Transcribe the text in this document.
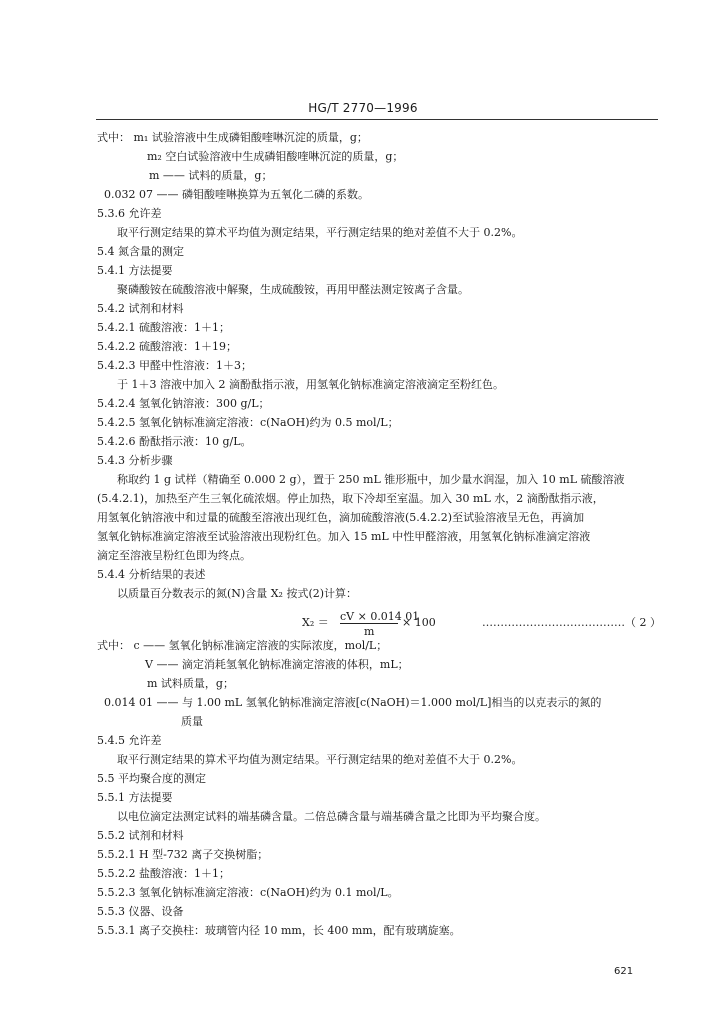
HG/T 2770—1996
式中： m₁ 试验溶液中生成磷钼酸喹啉沉淀的质量，g；
m₂ 空白试验溶液中生成磷钼酸喹啉沉淀的质量，g；
m —— 试料的质量，g；
0.032 07 —— 磷钼酸喹啉换算为五氧化二磷的系数。
5.3.6 允许差
取平行测定结果的算术平均值为测定结果，平行测定结果的绝对差值不大于 0.2%。
5.4 氮含量的测定
5.4.1 方法提要
聚磷酸铵在硫酸溶液中解聚，生成硫酸铵，再用甲醛法测定铵离子含量。
5.4.2 试剂和材料
5.4.2.1 硫酸溶液：1＋1；
5.4.2.2 硫酸溶液：1＋19；
5.4.2.3 甲醛中性溶液：1＋3；
于 1＋3 溶液中加入 2 滴酚酞指示液，用氢氧化钠标准滴定溶液滴定至粉红色。
5.4.2.4 氢氧化钠溶液：300 g/L；
5.4.2.5 氢氧化钠标准滴定溶液：c(NaOH)约为 0.5 mol/L；
5.4.2.6 酚酞指示液：10 g/L。
5.4.3 分析步骤
称取约 1 g 试样（精确至 0.000 2 g），置于 250 mL 锥形瓶中，加少量水润湿，加入 10 mL 硫酸溶液
(5.4.2.1)，加热至产生三氧化硫浓烟。停止加热，取下冷却至室温。加入 30 mL 水，2 滴酚酞指示液，
用氢氧化钠溶液中和过量的硫酸至溶液出现红色，滴加硫酸溶液(5.4.2.2)至试验溶液呈无色，再滴加
氢氧化钠标准滴定溶液至试验溶液出现粉红色。加入 15 mL 中性甲醛溶液，用氢氧化钠标准滴定溶液
滴定至溶液呈粉红色即为终点。
5.4.4 分析结果的表述
以质量百分数表示的氮(N)含量 X₂ 按式(2)计算：
式中： c —— 氢氧化钠标准滴定溶液的实际浓度，mol/L；
V —— 滴定消耗氢氧化钠标准滴定溶液的体积，mL；
m 试料质量，g；
0.014 01 —— 与 1.00 mL 氢氧化钠标准滴定溶液[c(NaOH)＝1.000 mol/L]相当的以克表示的氮的
质量
5.4.5 允许差
取平行测定结果的算术平均值为测定结果。平行测定结果的绝对差值不大于 0.2%。
5.5 平均聚合度的测定
5.5.1 方法提要
以电位滴定法测定试料的端基磷含量。二倍总磷含量与端基磷含量之比即为平均聚合度。
5.5.2 试剂和材料
5.5.2.1 H 型-732 离子交换树脂；
5.5.2.2 盐酸溶液：1＋1；
5.5.2.3 氢氧化钠标准滴定溶液：c(NaOH)约为 0.1 mol/L。
5.5.3 仪器、设备
5.5.3.1 离子交换柱：玻璃管内径 10 mm，长 400 mm，配有玻璃旋塞。
X₂ ＝ cV × 0.014 01
m
× 100	…………………………………（ 2 ）
621
